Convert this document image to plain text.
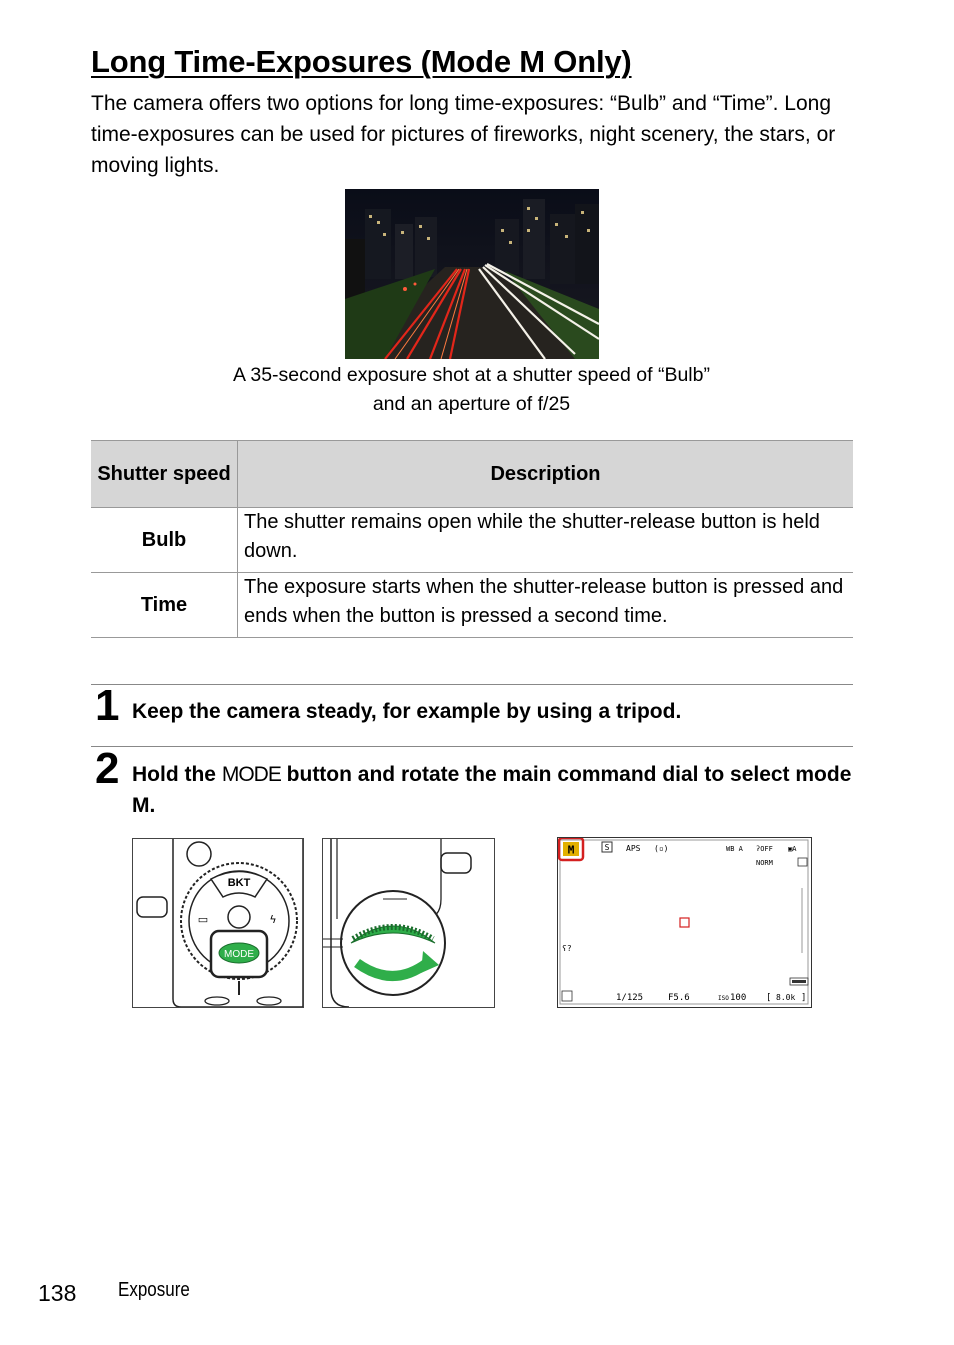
Long Time-Exposures (Mode M Only)
The camera offers two options for long time-exposures: “Bulb” and “Time”. Long time-exposures can be used for pictures of fireworks, night scenery, the stars, or moving lights.
A 35-second exposure shot at a shutter speed of “Bulb”
and an aperture of f/25
Shutter speed	Description
Bulb	The shutter remains open while the shutter-release button is held down.
Time	The exposure starts when the shutter-release button is pressed and ends when the button is pressed a second time.
1 Keep the camera steady, for example by using a tripod.
2 Hold the MODE button and rotate the main command dial to select mode M.
BKT
MODE
▭	ϟ
M	S APS (▫)	WB A ʔOFF ▣A
NORM
ʕ?
1/125	F5.6	ISO 100 [ 8.0k ]
138 Exposure
